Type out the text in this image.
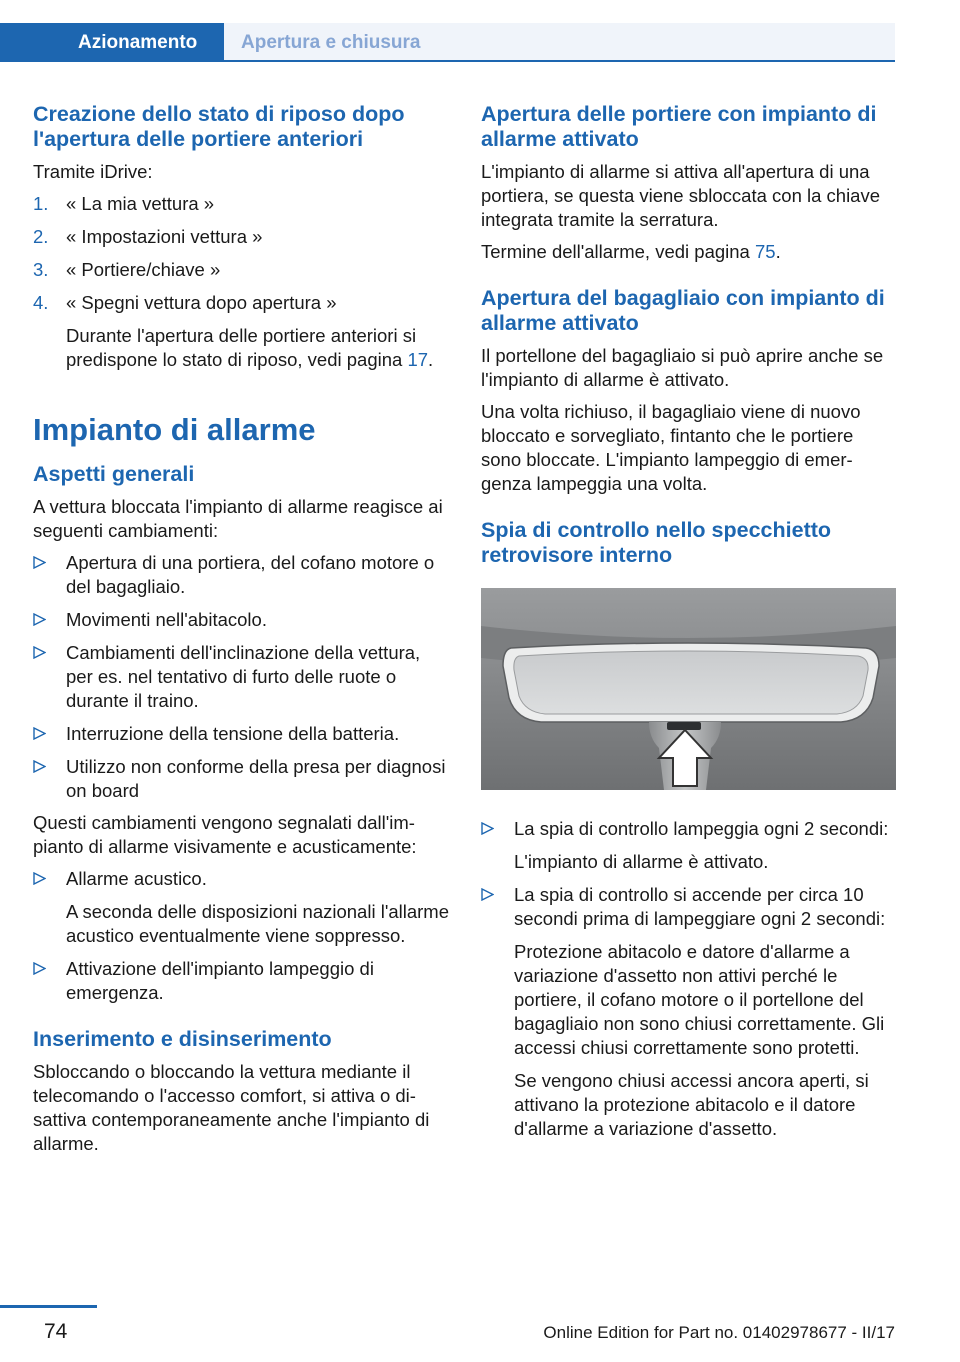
Azionamento	Apertura e chiusura
Creazione dello stato di riposo dopo l'apertura delle portiere anteriori
Tramite iDrive:
1. « La mia vettura »
2. « Impostazioni vettura »
3. « Portiere/chiave »
4. « Spegni vettura dopo apertura »
Durante l'apertura delle portiere anteriori si predispone lo stato di riposo, vedi pagina 17.
Impianto di allarme
Aspetti generali
A vettura bloccata l'impianto di allarme reagisce ai seguenti cambiamenti:
Apertura di una portiera, del cofano motore o del bagagliaio.
Movimenti nell'abitacolo.
Cambiamenti dell'inclinazione della vettura, per es. nel tentativo di furto delle ruote o durante il traino.
Interruzione della tensione della batteria.
Utilizzo non conforme della presa per diagnosi on board
Questi cambiamenti vengono segnalati dall'impianto di allarme visivamente e acusticamente:
Allarme acustico.
A seconda delle disposizioni nazionali l'allarme acustico eventualmente viene soppresso.
Attivazione dell'impianto lampeggio di emergenza.
Inserimento e disinserimento
Sbloccando o bloccando la vettura mediante il telecomando o l'accesso comfort, si attiva o disattiva contemporaneamente anche l'impianto di allarme.
Apertura delle portiere con impianto di allarme attivato
L'impianto di allarme si attiva all'apertura di una portiera, se questa viene sbloccata con la chiave integrata tramite la serratura.
Termine dell'allarme, vedi pagina 75.
Apertura del bagagliaio con impianto di allarme attivato
Il portellone del bagagliaio si può aprire anche se l'impianto di allarme è attivato.
Una volta richiuso, il bagagliaio viene di nuovo bloccato e sorvegliato, fintanto che le portiere sono bloccate. L'impianto lampeggio di emergenza lampeggia una volta.
Spia di controllo nello specchietto retrovisore interno
La spia di controllo lampeggia ogni 2 secondi:
L'impianto di allarme è attivato.
La spia di controllo si accende per circa 10 secondi prima di lampeggiare ogni 2 secondi:
Protezione abitacolo e datore d'allarme a variazione d'assetto non attivi perché le portiere, il cofano motore o il portellone del bagagliaio non sono chiusi correttamente. Gli accessi chiusi correttamente sono protetti.
Se vengono chiusi accessi ancora aperti, si attivano la protezione abitacolo e il datore d'allarme a variazione d'assetto.
74	Online Edition for Part no. 01402978677 - II/17
